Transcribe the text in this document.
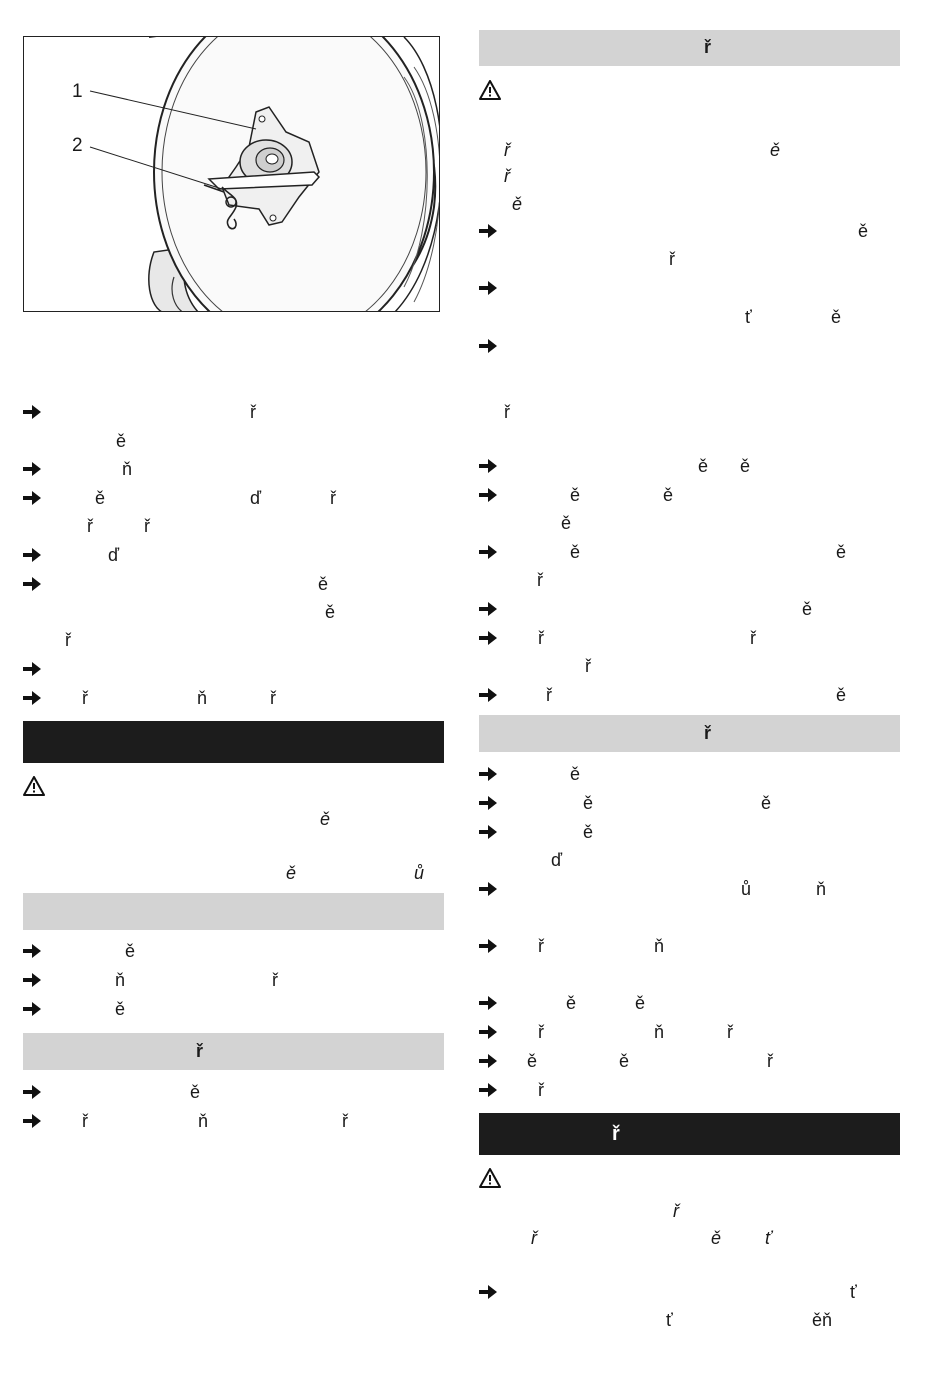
1
2
ř
ě
ň
ě	ď	ř
ř	ř
ď
ě
ě
ř
ř	ň	ř
ě
ě	ů
ě
ň	ř
ě
ř
ě
ř	ň	ř
ř
ř	ě
ř
ě
ě
ř
ť	ě
ř
ě ě
ě	ě
ě
ě	ě
ř
ě
ř	ř
ř
ř	ě
ř
ě
ě	ě
ě
ď
ů	ň
ř	ň
ě	ě
ř	ň	ř
ě	ě	ř
ř
ř
ř
ř	ě ť
ť
ť	ěň
